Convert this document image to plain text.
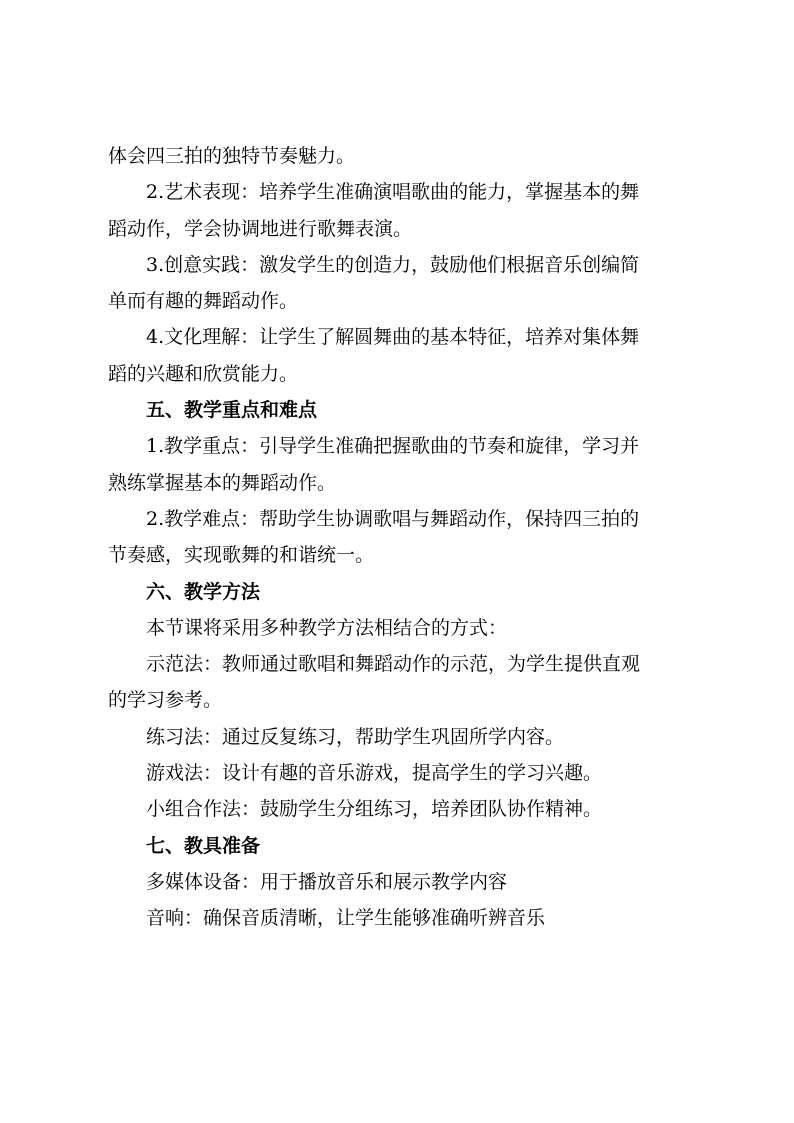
体会四三拍的独特节奏魅力。

2.艺术表现：培养学生准确演唱歌曲的能力，掌握基本的舞

蹈动作，学会协调地进行歌舞表演。

3.创意实践：激发学生的创造力，鼓励他们根据音乐创编简

单而有趣的舞蹈动作。

4.文化理解：让学生了解圆舞曲的基本特征，培养对集体舞

蹈的兴趣和欣赏能力。

五、教学重点和难点

1.教学重点：引导学生准确把握歌曲的节奏和旋律，学习并

熟练掌握基本的舞蹈动作。

2.教学难点：帮助学生协调歌唱与舞蹈动作，保持四三拍的

节奏感，实现歌舞的和谐统一。

六、教学方法

本节课将采用多种教学方法相结合的方式：

示范法：教师通过歌唱和舞蹈动作的示范，为学生提供直观

的学习参考。

练习法：通过反复练习，帮助学生巩固所学内容。

游戏法：设计有趣的音乐游戏，提高学生的学习兴趣。

小组合作法：鼓励学生分组练习，培养团队协作精神。

七、教具准备

多媒体设备：用于播放音乐和展示教学内容

音响：确保音质清晰，让学生能够准确听辨音乐
